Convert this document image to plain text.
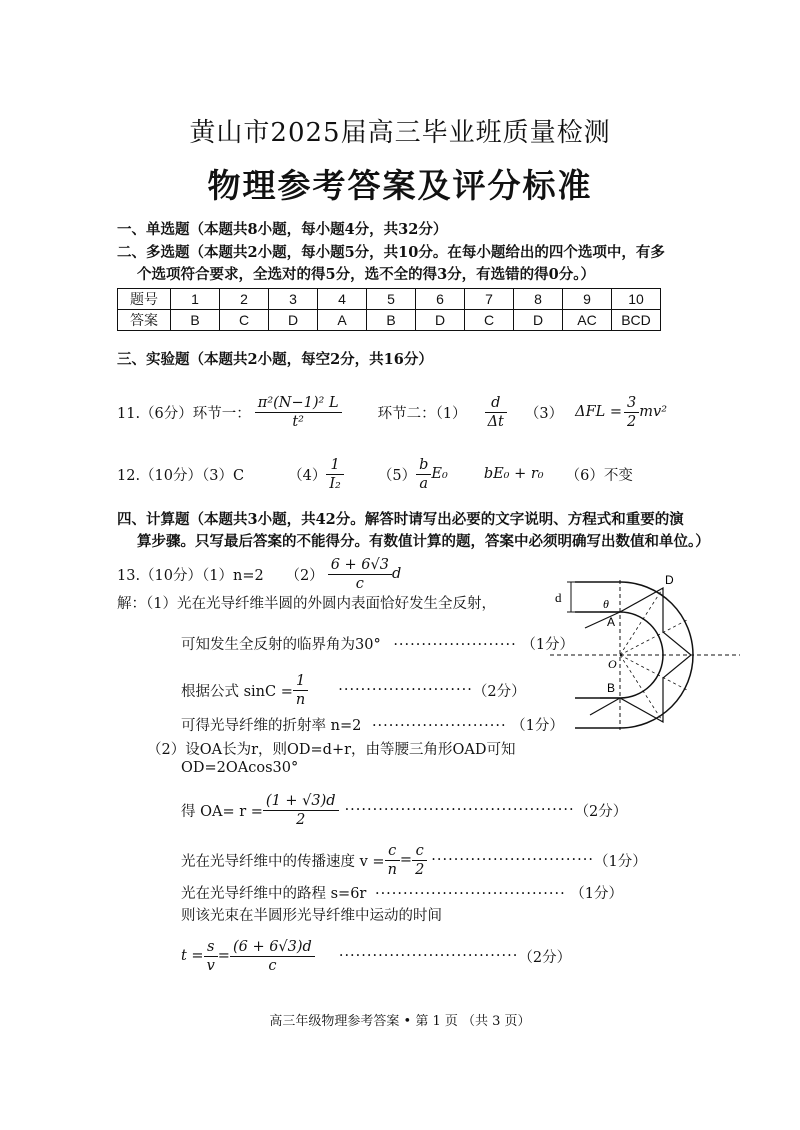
黄山市2025届高三毕业班质量检测
物理参考答案及评分标准
一、单选题（本题共8小题，每小题4分，共32分）
二、多选题（本题共2小题，每小题5分，共10分。在每小题给出的四个选项中，有多
个选项符合要求，全选对的得5分，选不全的得3分，有选错的得0分。）
题号	1	2	3	4	5	6	7	8	9	10
答案	B	C	D	A	B	D	C	D	AC	BCD
三、实验题（本题共2小题，每空2分，共16分）
11.（6分）环节一： $\frac{\text{π²(N−1)² L}}{\text{t²}}$ 环节二：$(1) \frac{d}{\Delta t} (3) \Delta FL = \frac{3}{2} mv^2$
12.（10分）（3）C	$(4) \frac{1}{\text{I₂}} (5) \frac{b}{a} E_0$ bE₀ + r₀ （6）不变
四、计算题（本题共3小题，共42分。解答时请写出必要的文字说明、方程式和重要的演
算步骤。只写最后答案的不能得分。有数值计算的题，答案中必须明确写出数值和单位。）
13.（10分）（1）n=2　　$(2) \frac{6 + 6√3}{c}$ d
解：（1）光在光导纤维半圆的外圆内表面恰好发生全反射，
可知发生全反射的临界角为30° ······················ （1分）
根据公式 $\sin C = \frac{1}{n}$ ························ （2分）
可得光导纤维的折射率 n=2 ························ （1分）
（2）设OA长为r，则OD=d+r，由等腰三角形OAD可知
OD=2OAcos30°
得 $OA= r = \frac{(1 + √3)d}{2}$ ········································· （2分）
光在光导纤维中的传播速度 $v = \frac{c}{n} = \frac{c}{2}$ ····························· （1分）
光在光导纤维中的路程 s=6r ·································· （1分）
则该光束在半圆形光导纤维中运动的时间
$t = \frac{s}{v} = \frac{(6 + 6√3)d}{c}$ ································ （2分）
d	θ
A
B
O
D
高三年级物理参考答案 • 第 1 页 （共 3 页）
